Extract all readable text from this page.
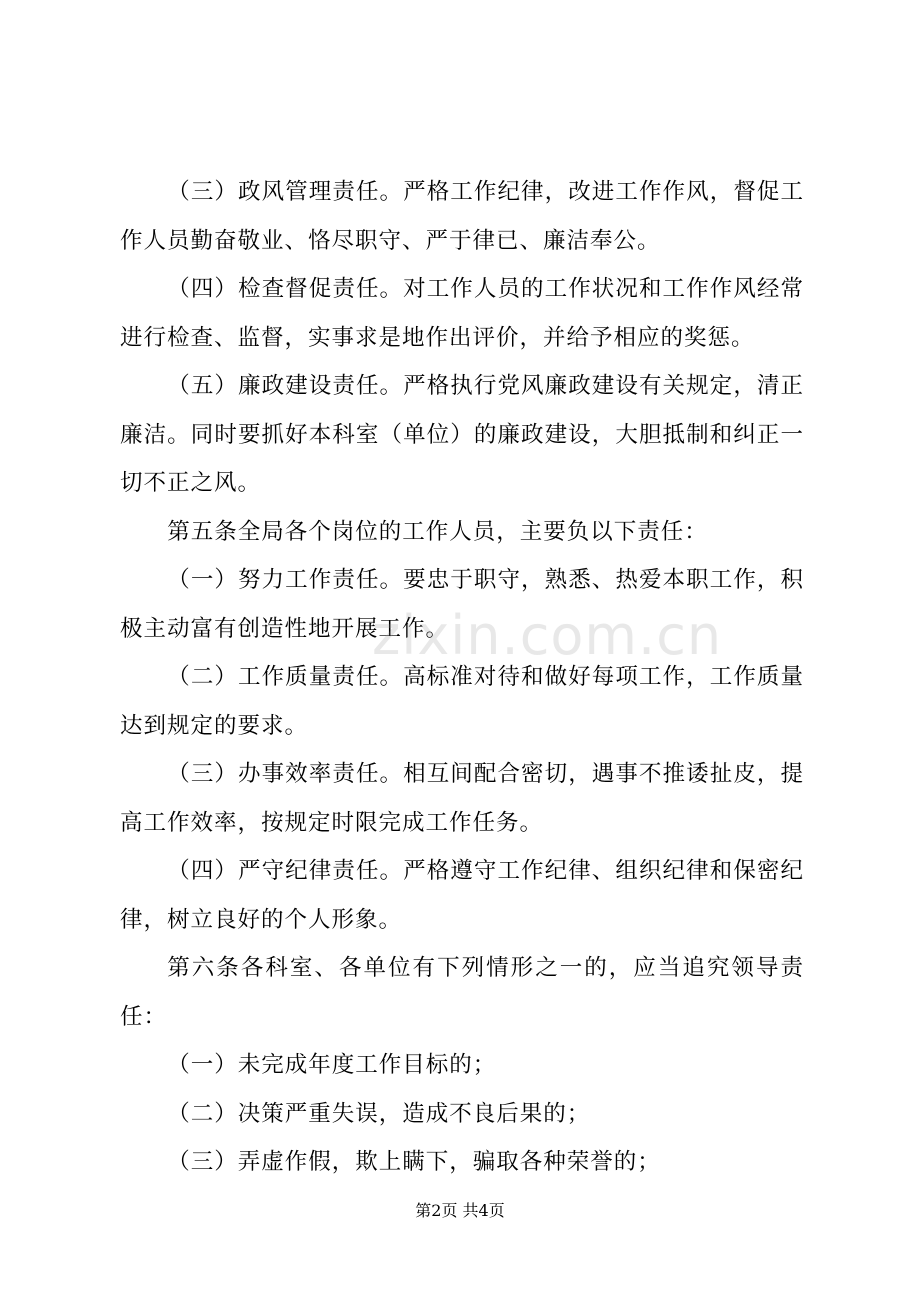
（三）政风管理责任。严格工作纪律，改进工作作风，督促工作人员勤奋敬业、恪尽职守、严于律已、廉洁奉公。

（四）检查督促责任。对工作人员的工作状况和工作作风经常进行检查、监督，实事求是地作出评价，并给予相应的奖惩。

（五）廉政建设责任。严格执行党风廉政建设有关规定，清正廉洁。同时要抓好本科室（单位）的廉政建设，大胆抵制和纠正一切不正之风。

第五条全局各个岗位的工作人员，主要负以下责任：

（一）努力工作责任。要忠于职守，熟悉、热爱本职工作，积极主动富有创造性地开展工作。

（二）工作质量责任。高标准对待和做好每项工作，工作质量达到规定的要求。

（三）办事效率责任。相互间配合密切，遇事不推诿扯皮，提高工作效率，按规定时限完成工作任务。

（四）严守纪律责任。严格遵守工作纪律、组织纪律和保密纪律，树立良好的个人形象。

第六条各科室、各单位有下列情形之一的，应当追究领导责任：

（一）未完成年度工作目标的；

（二）决策严重失误，造成不良后果的；

（三）弄虚作假，欺上瞒下，骗取各种荣誉的；

zixin.com.cn
第2页 共4页
